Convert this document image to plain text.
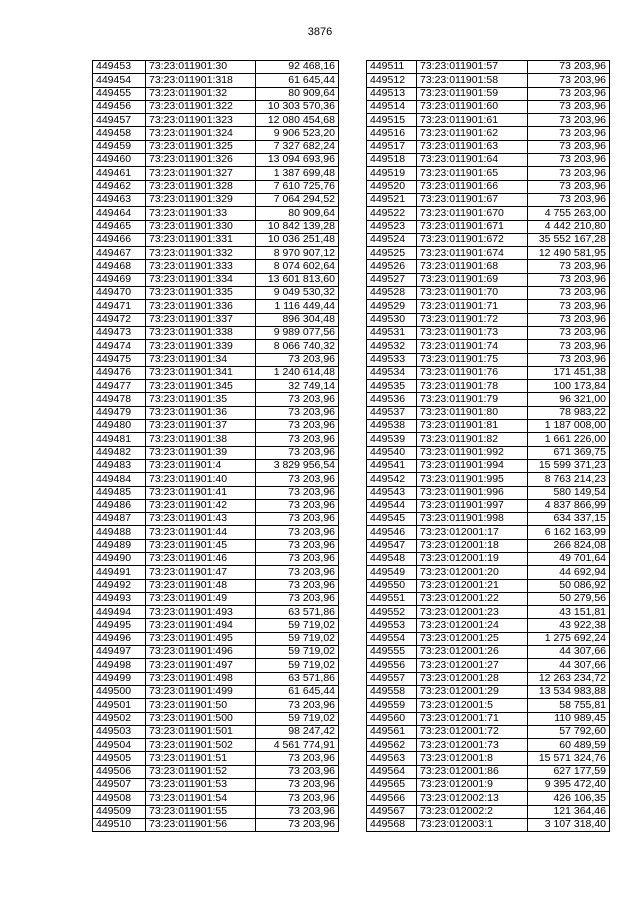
3876
449453	73:23:011901:30	92 468,16
449454	73:23:011901:318	61 645,44
449455	73:23:011901:32	80 909,64
449456	73:23:011901:322	10 303 570,36
449457	73:23:011901:323	12 080 454,68
449458	73:23:011901:324	9 906 523,20
449459	73:23:011901:325	7 327 682,24
449460	73:23:011901:326	13 094 693,96
449461	73:23:011901:327	1 387 699,48
449462	73:23:011901:328	7 610 725,76
449463	73:23:011901:329	7 064 294,52
449464	73:23:011901:33	80 909,64
449465	73:23:011901:330	10 842 139,28
449466	73:23:011901:331	10 036 251,48
449467	73:23:011901:332	8 970 907,12
449468	73:23:011901:333	8 074 602,64
449469	73:23:011901:334	13 601 813,60
449470	73:23:011901:335	9 049 530,32
449471	73:23:011901:336	1 116 449,44
449472	73:23:011901:337	896 304,48
449473	73:23:011901:338	9 989 077,56
449474	73:23:011901:339	8 066 740,32
449475	73:23:011901:34	73 203,96
449476	73:23:011901:341	1 240 614,48
449477	73:23:011901:345	32 749,14
449478	73:23:011901:35	73 203,96
449479	73:23:011901:36	73 203,96
449480	73:23:011901:37	73 203,96
449481	73:23:011901:38	73 203,96
449482	73:23:011901:39	73 203,96
449483	73:23:011901:4	3 829 956,54
449484	73:23:011901:40	73 203,96
449485	73:23:011901:41	73 203,96
449486	73:23:011901:42	73 203,96
449487	73:23:011901:43	73 203,96
449488	73:23:011901:44	73 203,96
449489	73:23:011901:45	73 203,96
449490	73:23:011901:46	73 203,96
449491	73:23:011901:47	73 203,96
449492	73:23:011901:48	73 203,96
449493	73:23:011901:49	73 203,96
449494	73:23:011901:493	63 571,86
449495	73:23:011901:494	59 719,02
449496	73:23:011901:495	59 719,02
449497	73:23:011901:496	59 719,02
449498	73:23:011901:497	59 719,02
449499	73:23:011901:498	63 571,86
449500	73:23:011901:499	61 645,44
449501	73:23:011901:50	73 203,96
449502	73:23:011901:500	59 719,02
449503	73:23:011901:501	98 247,42
449504	73:23:011901:502	4 561 774,91
449505	73:23:011901:51	73 203,96
449506	73:23:011901:52	73 203,96
449507	73:23:011901:53	73 203,96
449508	73:23:011901:54	73 203,96
449509	73:23:011901:55	73 203,96
449510	73:23:011901:56	73 203,96
449511	73:23:011901:57	73 203,96
449512	73:23:011901:58	73 203,96
449513	73:23:011901:59	73 203,96
449514	73:23:011901:60	73 203,96
449515	73:23:011901:61	73 203,96
449516	73:23:011901:62	73 203,96
449517	73:23:011901:63	73 203,96
449518	73:23:011901:64	73 203,96
449519	73:23:011901:65	73 203,96
449520	73:23:011901:66	73 203,96
449521	73:23:011901:67	73 203,96
449522	73:23:011901:670	4 755 263,00
449523	73:23:011901:671	4 442 210,80
449524	73:23:011901:672	35 552 167,28
449525	73:23:011901:674	12 490 581,95
449526	73:23:011901:68	73 203,96
449527	73:23:011901:69	73 203,96
449528	73:23:011901:70	73 203,96
449529	73:23:011901:71	73 203,96
449530	73:23:011901:72	73 203,96
449531	73:23:011901:73	73 203,96
449532	73:23:011901:74	73 203,96
449533	73:23:011901:75	73 203,96
449534	73:23:011901:76	171 451,38
449535	73:23:011901:78	100 173,84
449536	73:23:011901:79	96 321,00
449537	73:23:011901:80	78 983,22
449538	73:23:011901:81	1 187 008,00
449539	73:23:011901:82	1 661 226,00
449540	73:23:011901:992	671 369,75
449541	73:23:011901:994	15 599 371,23
449542	73:23:011901:995	8 763 214,23
449543	73:23:011901:996	580 149,54
449544	73:23:011901:997	4 837 866,99
449545	73:23:011901:998	634 337,15
449546	73:23:012001:17	6 162 163,99
449547	73:23:012001:18	266 824,08
449548	73:23:012001:19	49 701,64
449549	73:23:012001:20	44 692,94
449550	73:23:012001:21	50 086,92
449551	73:23:012001:22	50 279,56
449552	73:23:012001:23	43 151,81
449553	73:23:012001:24	43 922,38
449554	73:23:012001:25	1 275 692,24
449555	73:23:012001:26	44 307,66
449556	73:23:012001:27	44 307,66
449557	73:23:012001:28	12 263 234,72
449558	73:23:012001:29	13 534 983,88
449559	73:23:012001:5	58 755,81
449560	73:23:012001:71	110 989,45
449561	73:23:012001:72	57 792,60
449562	73:23:012001:73	60 489,59
449563	73:23:012001:8	15 571 324,76
449564	73:23:012001:86	627 177,59
449565	73:23:012001:9	9 395 472,40
449566	73:23:012002:13	426 106,35
449567	73:23:012002:2	121 364,46
449568	73:23:012003:1	3 107 318,40
